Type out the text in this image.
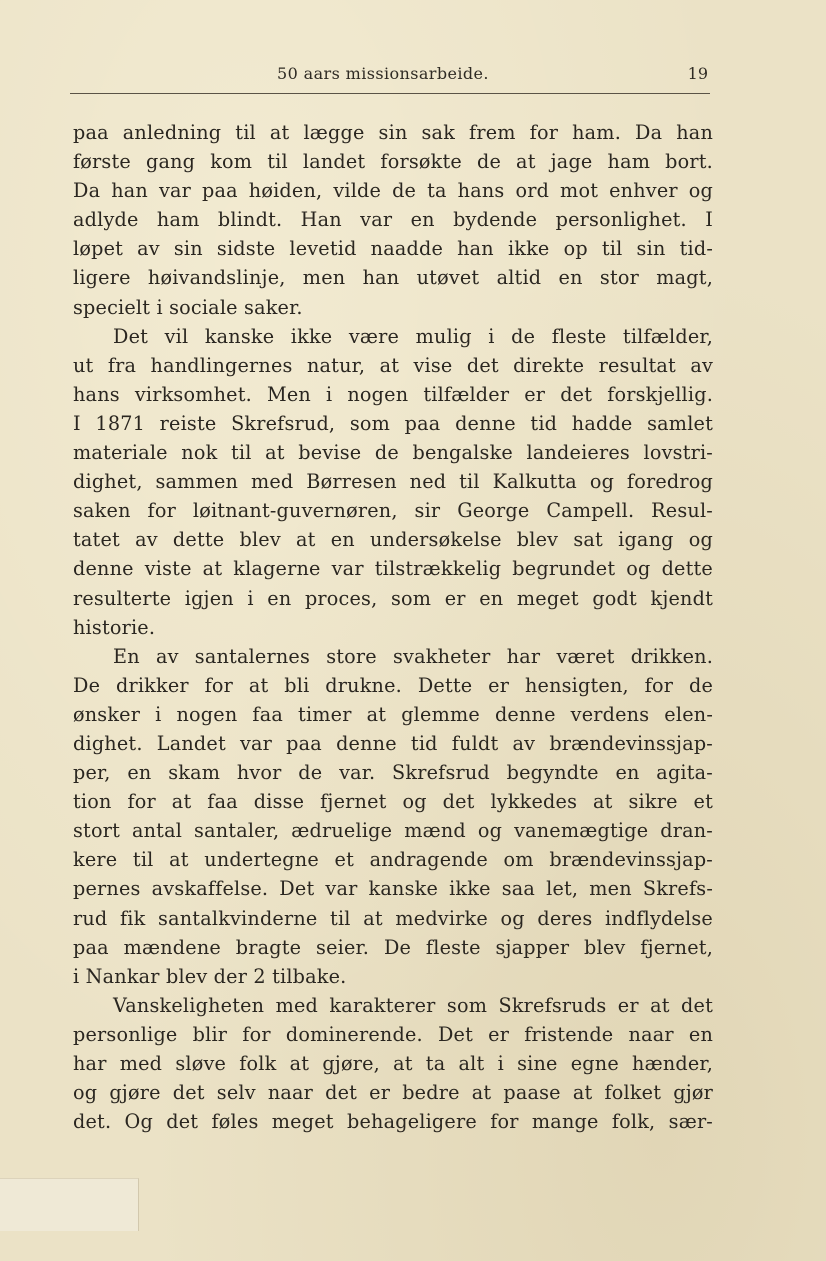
50 aars missionsarbeide.	19
paa anledning til at lægge sin sak frem for ham. Da han
første gang kom til landet forsøkte de at jage ham bort.
Da han var paa høiden, vilde de ta hans ord mot enhver og
adlyde ham blindt. Han var en bydende personlighet. I
løpet av sin sidste levetid naadde han ikke op til sin tid-
ligere høivandslinje, men han utøvet altid en stor magt,
specielt i sociale saker.
Det vil kanske ikke være mulig i de fleste tilfælder,
ut fra handlingernes natur, at vise det direkte resultat av
hans virksomhet. Men i nogen tilfælder er det forskjellig.
I 1871 reiste Skrefsrud, som paa denne tid hadde samlet
materiale nok til at bevise de bengalske landeieres lovstri-
dighet, sammen med Børresen ned til Kalkutta og foredrog
saken for løitnant-guvernøren, sir George Campell. Resul-
tatet av dette blev at en undersøkelse blev sat igang og
denne viste at klagerne var tilstrækkelig begrundet og dette
resulterte igjen i en proces, som er en meget godt kjendt
historie.
En av santalernes store svakheter har været drikken.
De drikker for at bli drukne. Dette er hensigten, for de
ønsker i nogen faa timer at glemme denne verdens elen-
dighet. Landet var paa denne tid fuldt av brændevinssjap-
per, en skam hvor de var. Skrefsrud begyndte en agita-
tion for at faa disse fjernet og det lykkedes at sikre et
stort antal santaler, ædruelige mænd og vanemægtige dran-
kere til at undertegne et andragende om brændevinssjap-
pernes avskaffelse. Det var kanske ikke saa let, men Skrefs-
rud fik santalkvinderne til at medvirke og deres indflydelse
paa mændene bragte seier. De fleste sjapper blev fjernet,
i Nankar blev der 2 tilbake.
Vanskeligheten med karakterer som Skrefsruds er at det
personlige blir for dominerende. Det er fristende naar en
har med sløve folk at gjøre, at ta alt i sine egne hænder,
og gjøre det selv naar det er bedre at paase at folket gjør
det. Og det føles meget behageligere for mange folk, sær-
